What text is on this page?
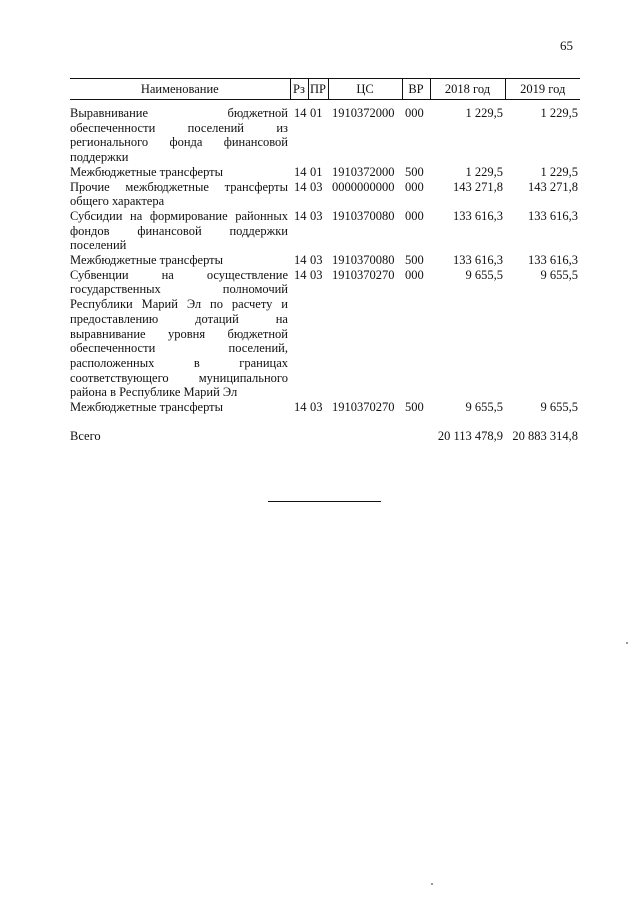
65
Наименование	Рз	ПР	ЦС	ВР	2018 год	2019 год

Выравнивание бюджетной обеспеченности поселений из регионального фонда финансовой поддержки	14	01	1910372000	000	1 229,5	1 229,5
Межбюджетные трансферты	14	01	1910372000	500	1 229,5	1 229,5
Прочие межбюджетные трансферты общего характера	14	03	0000000000	000	143 271,8	143 271,8
Субсидии на формирование районных фондов финансовой поддержки поселений	14	03	1910370080	000	133 616,3	133 616,3
Межбюджетные трансферты	14	03	1910370080	500	133 616,3	133 616,3
Субвенции на осуществление государственных полномочий Республики Марий Эл по расчету и предоставлению дотаций на выравнивание уровня бюджетной обеспеченности поселений, расположенных в границах соответствующего муниципального района в Республике Марий Эл	14	03	1910370270	000	9 655,5	9 655,5
Межбюджетные трансферты	14	03	1910370270	500	9 655,5	9 655,5
Всего					20 113 478,9	20 883 314,8
